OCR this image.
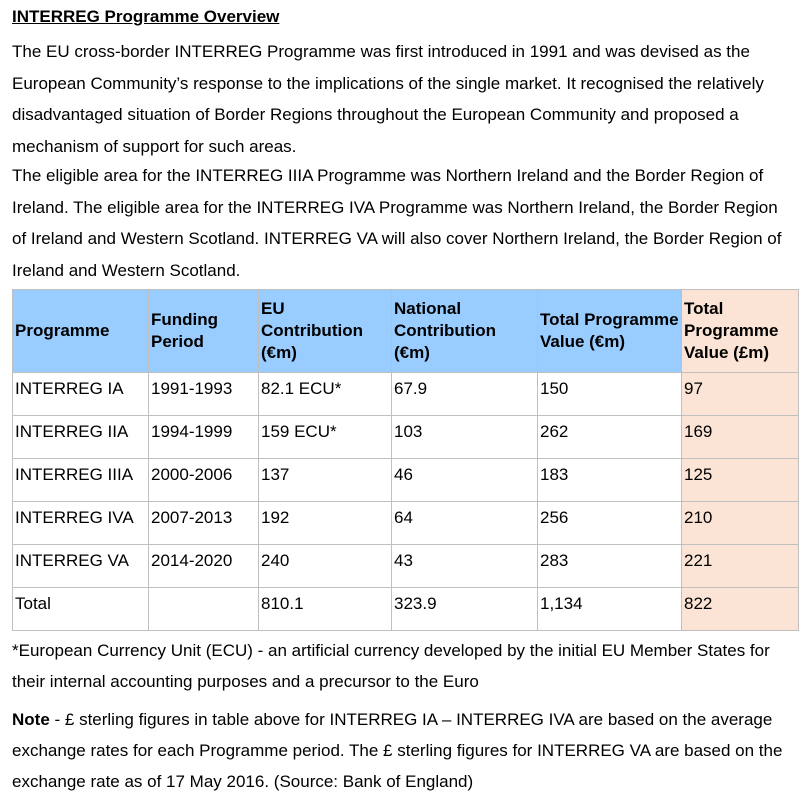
INTERREG Programme Overview

The EU cross-border INTERREG Programme was first introduced in 1991 and was devised as the European Community’s response to the implications of the single market. It recognised the relatively disadvantaged situation of Border Regions throughout the European Community and proposed a mechanism of support for such areas.

The eligible area for the INTERREG IIIA Programme was Northern Ireland and the Border Region of Ireland. The eligible area for the INTERREG IVA Programme was Northern Ireland, the Border Region of Ireland and Western Scotland. INTERREG VA will also cover Northern Ireland, the Border Region of Ireland and Western Scotland.

Programme	Funding Period	EU Contribution (€m)	National Contribution (€m)	Total Programme Value (€m)	Total Programme Value (£m)
INTERREG IA	1991-1993	82.1 ECU*	67.9	150	97
INTERREG IIA	1994-1999	159 ECU*	103	262	169
INTERREG IIIA	2000-2006	137	46	183	125
INTERREG IVA	2007-2013	192	64	256	210
INTERREG VA	2014-2020	240	43	283	221
Total		810.1	323.9	1,134	822

*European Currency Unit (ECU) - an artificial currency developed by the initial EU Member States for their internal accounting purposes and a precursor to the Euro

Note - £ sterling figures in table above for INTERREG IA – INTERREG IVA are based on the average exchange rates for each Programme period. The £ sterling figures for INTERREG VA are based on the exchange rate as of 17 May 2016. (Source: Bank of England)
